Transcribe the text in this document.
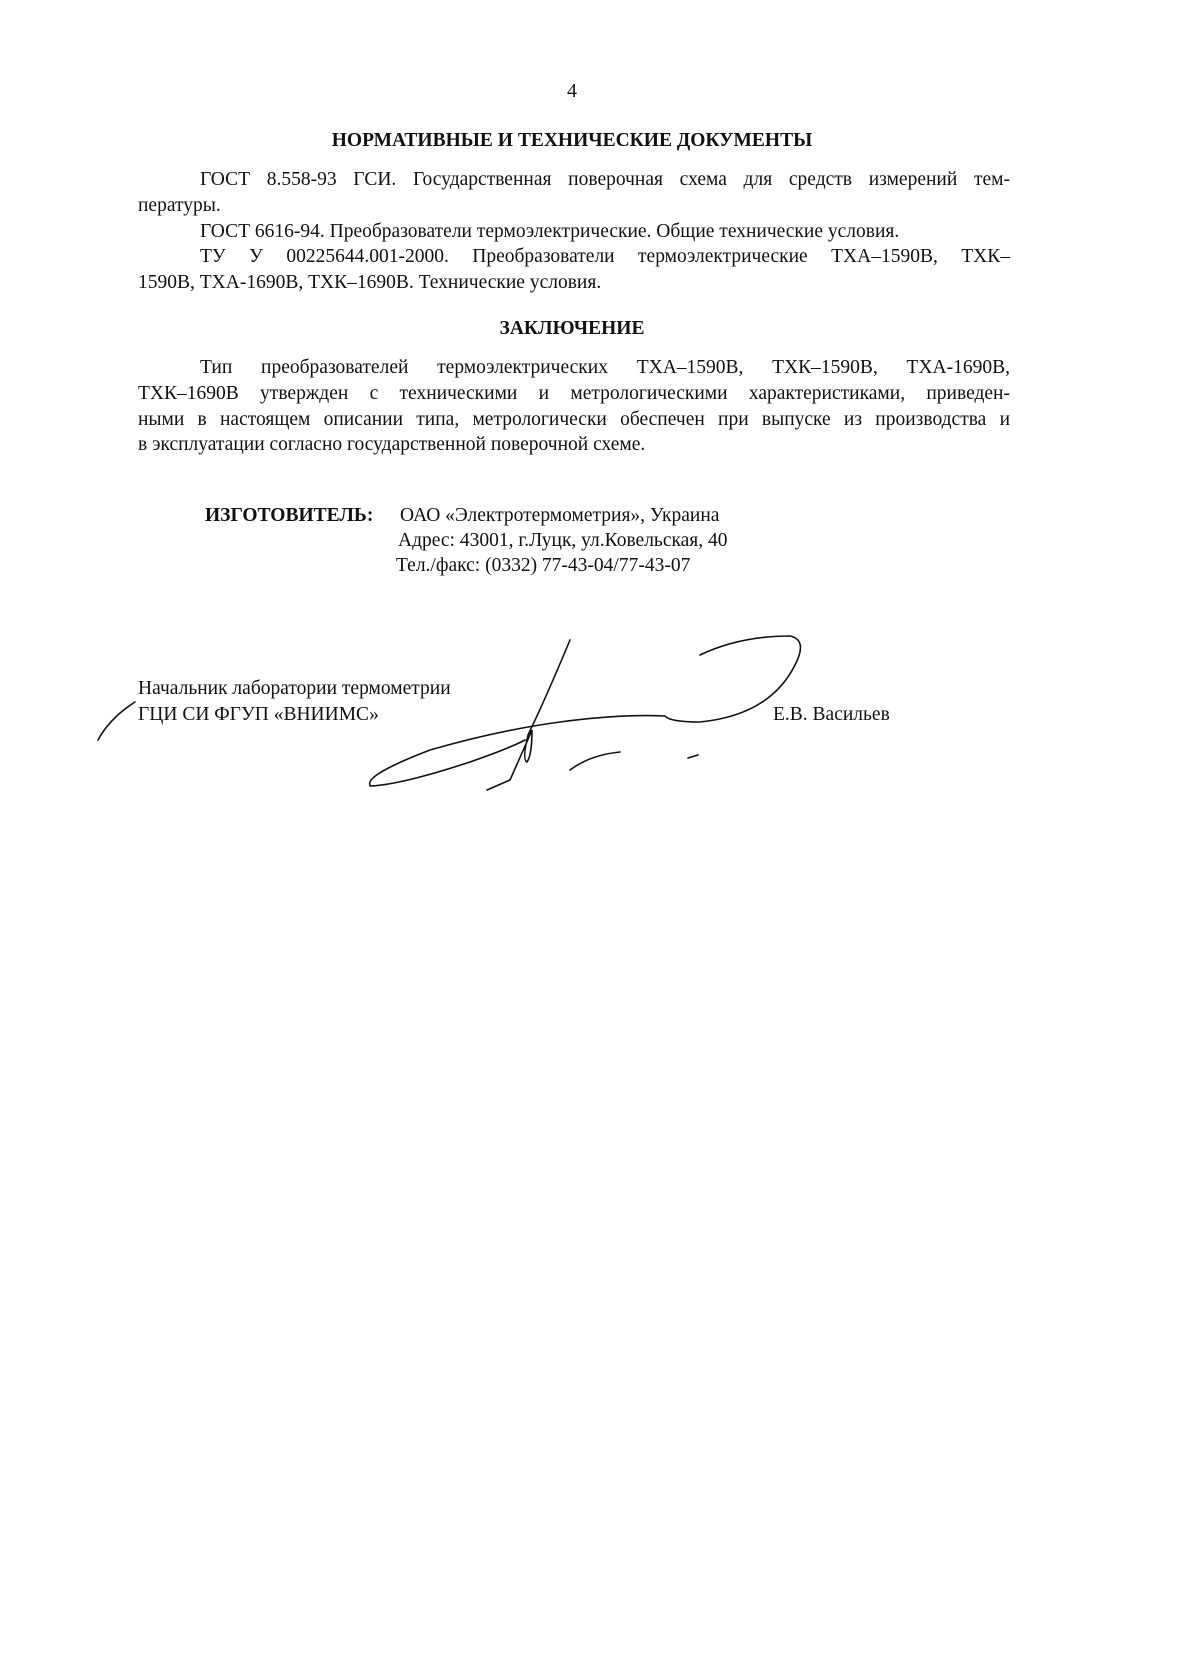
4
НОРМАТИВНЫЕ И ТЕХНИЧЕСКИЕ ДОКУМЕНТЫ
ГОСТ 8.558-93 ГСИ. Государственная поверочная схема для средств измерений тем-
пературы.
ГОСТ 6616-94. Преобразователи термоэлектрические. Общие технические условия.
ТУ У 00225644.001-2000. Преобразователи термоэлектрические ТХА–1590В, ТХК–
1590В, ТХА-1690В, ТХК–1690В. Технические условия.
ЗАКЛЮЧЕНИЕ
Тип преобразователей термоэлектрических ТХА–1590В, ТХК–1590В, ТХА-1690В,
ТХК–1690В утвержден с техническими и метрологическими характеристиками, приведен-
ными в настоящем описании типа, метрологически обеспечен при выпуске из производства и
в эксплуатации согласно государственной поверочной схеме.
ИЗГОТОВИТЕЛЬ: ОАО «Электротермометрия», Украина
Адрес: 43001, г.Луцк, ул.Ковельская, 40
Тел./факс: (0332) 77-43-04/77-43-07
Начальник лаборатории термометрии
ГЦИ СИ ФГУП «ВНИИМС»	Е.В. Васильев
